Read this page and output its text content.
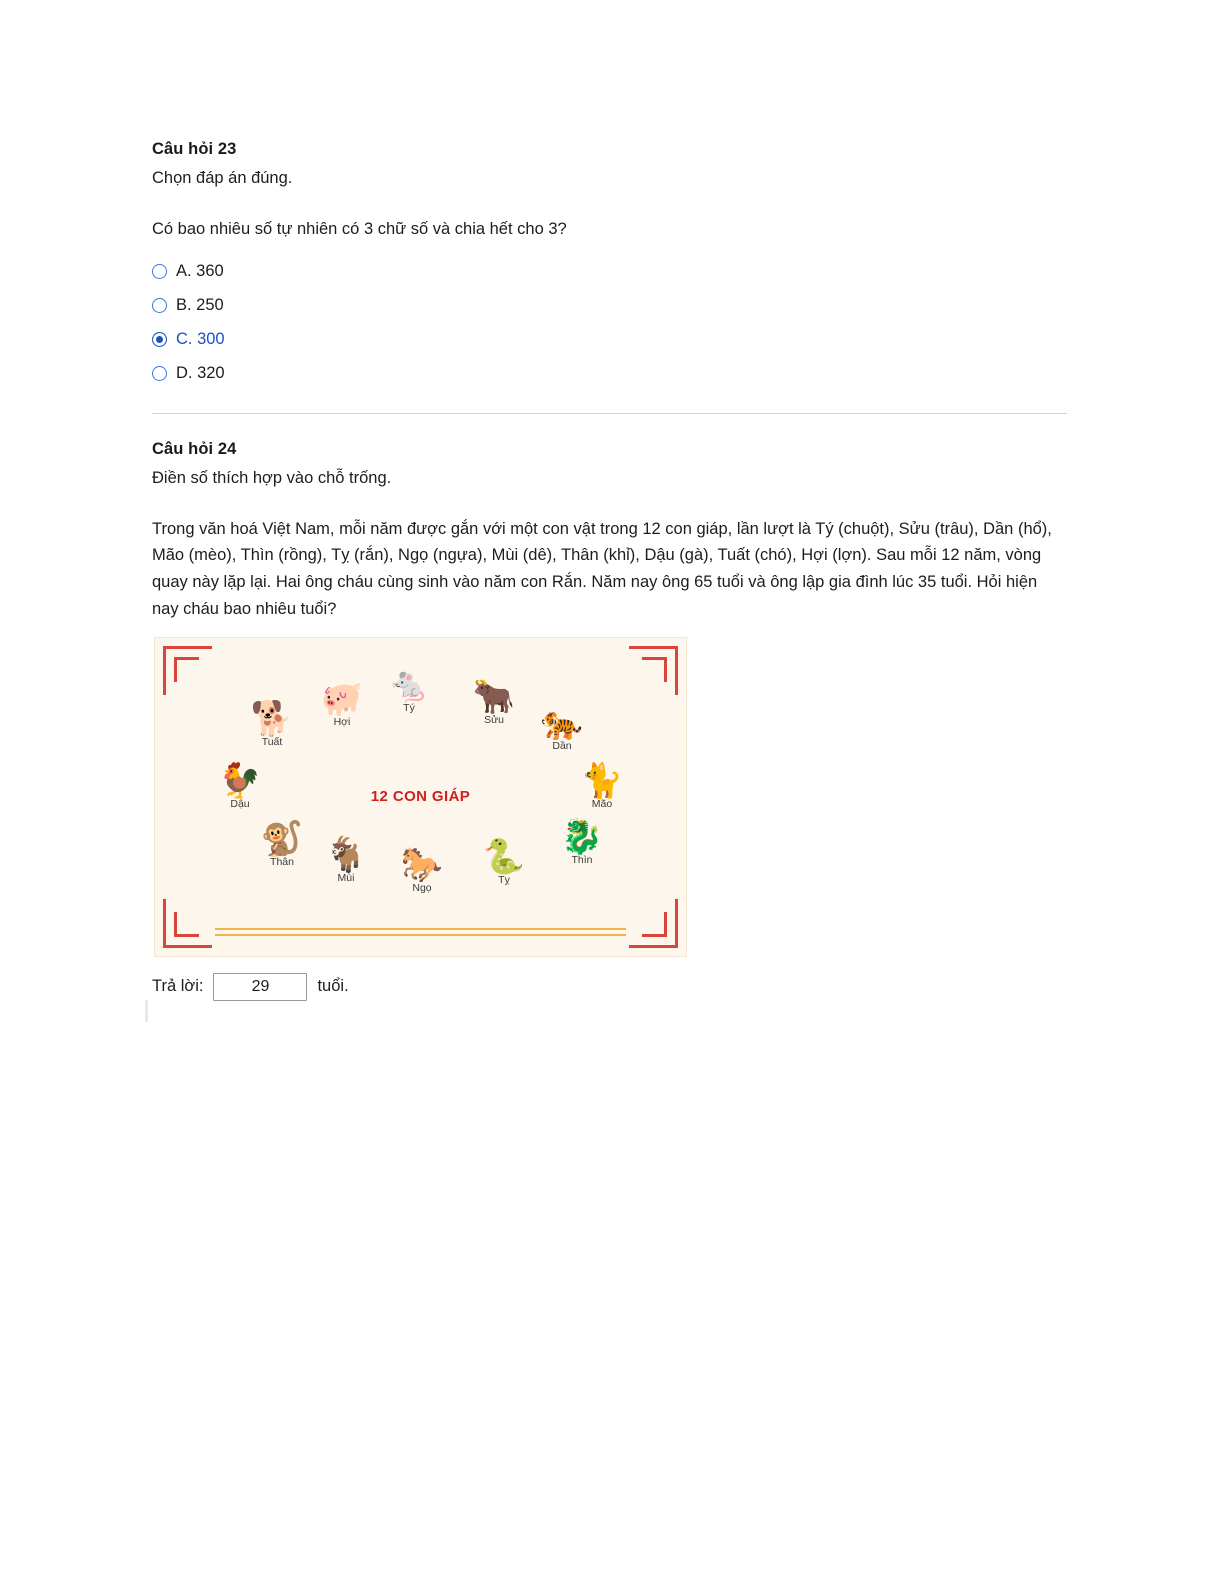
Câu hỏi 23
Chọn đáp án đúng.
Có bao nhiêu số tự nhiên có 3 chữ số và chia hết cho 3?
A. 360
B. 250
C. 300
D. 320
Câu hỏi 24
Điền số thích hợp vào chỗ trống.
Trong văn hoá Việt Nam, mỗi năm được gắn với một con vật trong 12 con giáp, lần lượt là Tý (chuột), Sửu (trâu), Dần (hổ), Mão (mèo), Thìn (rồng), Tỵ (rắn), Ngọ (ngựa), Mùi (dê), Thân (khỉ), Dậu (gà), Tuất (chó), Hợi (lợn). Sau mỗi 12 năm, vòng quay này lặp lại. Hai ông cháu cùng sinh vào năm con Rắn. Năm nay ông 65 tuổi và ông lập gia đình lúc 35 tuổi. Hỏi hiện nay cháu bao nhiêu tuổi?
12 CON GIÁP
🐁
Tý	🐂
Sửu	🐅
Dần
🐈
Mão
🐉
Thìn
🐍
Tỵ
🐎
Ngọ
🐐
Mùi
🐒
Thân
🐓
Dậu
🐕
Tuất
🐖
Hợi
Trả lời:
29	tuổi.
